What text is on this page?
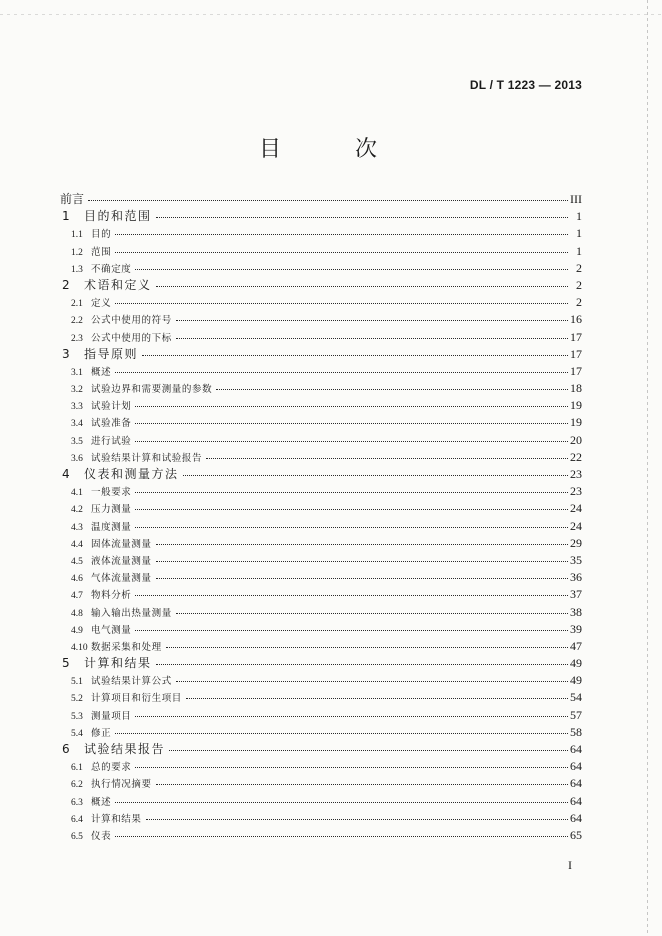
DL / T 1223 — 2013
目　次
前言	III
1	目的和范围	1
1.1 目的	1
1.2 范围	1
1.3 不确定度	2
2	术语和定义	2
2.1 定义	2
2.2 公式中使用的符号	16
2.3 公式中使用的下标	17
3	指导原则	17
3.1 概述	17
3.2 试验边界和需要测量的参数	18
3.3 试验计划	19
3.4 试验准备	19
3.5 进行试验	20
3.6 试验结果计算和试验报告	22
4	仪表和测量方法	23
4.1 一般要求	23
4.2 压力测量	24
4.3 温度测量	24
4.4 固体流量测量	29
4.5 液体流量测量	35
4.6 气体流量测量	36
4.7 物料分析	37
4.8 输入输出热量测量	38
4.9 电气测量	39
4.10 数据采集和处理	47
5	计算和结果	49
5.1 试验结果计算公式	49
5.2 计算项目和衍生项目	54
5.3 测量项目	57
5.4 修正	58
6	试验结果报告	64
6.1 总的要求	64
6.2 执行情况摘要	64
6.3 概述	64
6.4 计算和结果	64
6.5 仪表	65
I
